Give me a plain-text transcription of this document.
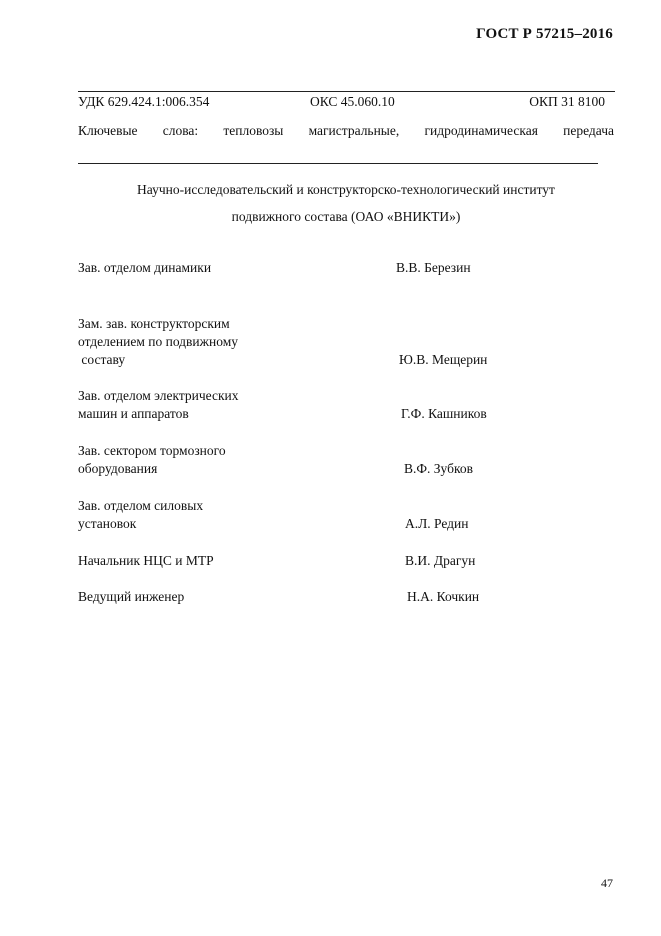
ГОСТ Р 57215–2016
УДК 629.424.1:006.354	ОКС 45.060.10	ОКП 31 8100
Ключевые слова: тепловозы магистральные, гидродинамическая передача
Научно-исследовательский и конструкторско-технологический институт
подвижного состава (ОАО «ВНИКТИ»)
Зав. отделом динамики	В.В. Березин
Зам. зав. конструкторским
отделением по подвижному
составу	Ю.В. Мещерин
Зав. отделом электрических
машин и аппаратов	Г.Ф. Кашников
Зав. сектором тормозного
оборудования	В.Ф. Зубков
Зав. отделом силовых
установок	А.Л. Редин
Начальник НЦС и МТР	В.И. Драгун
Ведущий инженер	Н.А. Кочкин
47
